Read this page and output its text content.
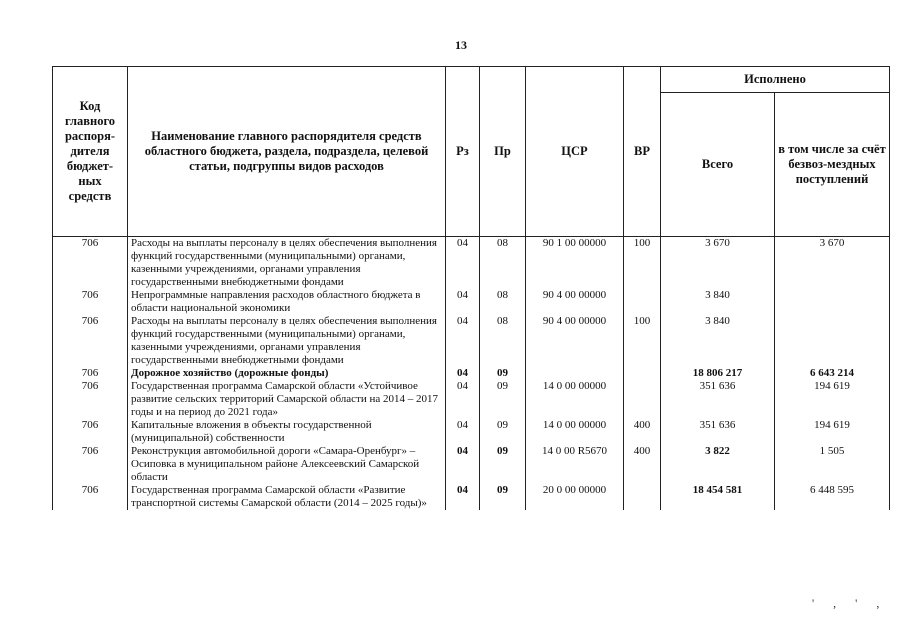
13
Код главного распоря-дителя бюджет-ных средств	Наименование главного распорядителя средств областного бюджета, раздела, подраздела, целевой статьи, подгруппы видов расходов	Рз	Пр	ЦСР	ВР	Исполнено	
						Всего	в том числе за счёт безвоз-мездных поступлений
706	Расходы на выплаты персоналу в целях обеспечения выполнения функций государственными (муниципальными) органами, казенными учреждениями, органами управления государственными внебюджетными фондами	04	08	90 1 00 00000	100	3 670	3 670
706	Непрограммные направления расходов областного бюджета в области национальной экономики	04	08	90 4 00 00000		3 840	
706	Расходы на выплаты персоналу в целях обеспечения выполнения функций государственными (муниципальными) органами, казенными учреждениями, органами управления государственными внебюджетными фондами	04	08	90 4 00 00000	100	3 840	
706	Дорожное хозяйство (дорожные фонды)	04	09			18 806 217	6 643 214
706	Государственная программа Самарской области «Устойчивое развитие сельских территорий Самарской области на 2014 – 2017 годы и на период до 2021 года»	04	09	14 0 00 00000		351 636	194 619
706	Капитальные вложения в объекты государственной (муниципальной) собственности	04	09	14 0 00 00000	400	351 636	194 619
706	Реконструкция автомобильной дороги «Самара-Оренбург» – Осиповка в муниципальном районе Алексеевский Самарской области	04	09	14 0 00 R5670	400	3 822	1 505
706	Государственная программа Самарской области «Развитие транспортной системы Самарской области (2014 – 2025 годы)»	04	09	20 0 00 00000		18 454 581	6 448 595
' , ' ,
